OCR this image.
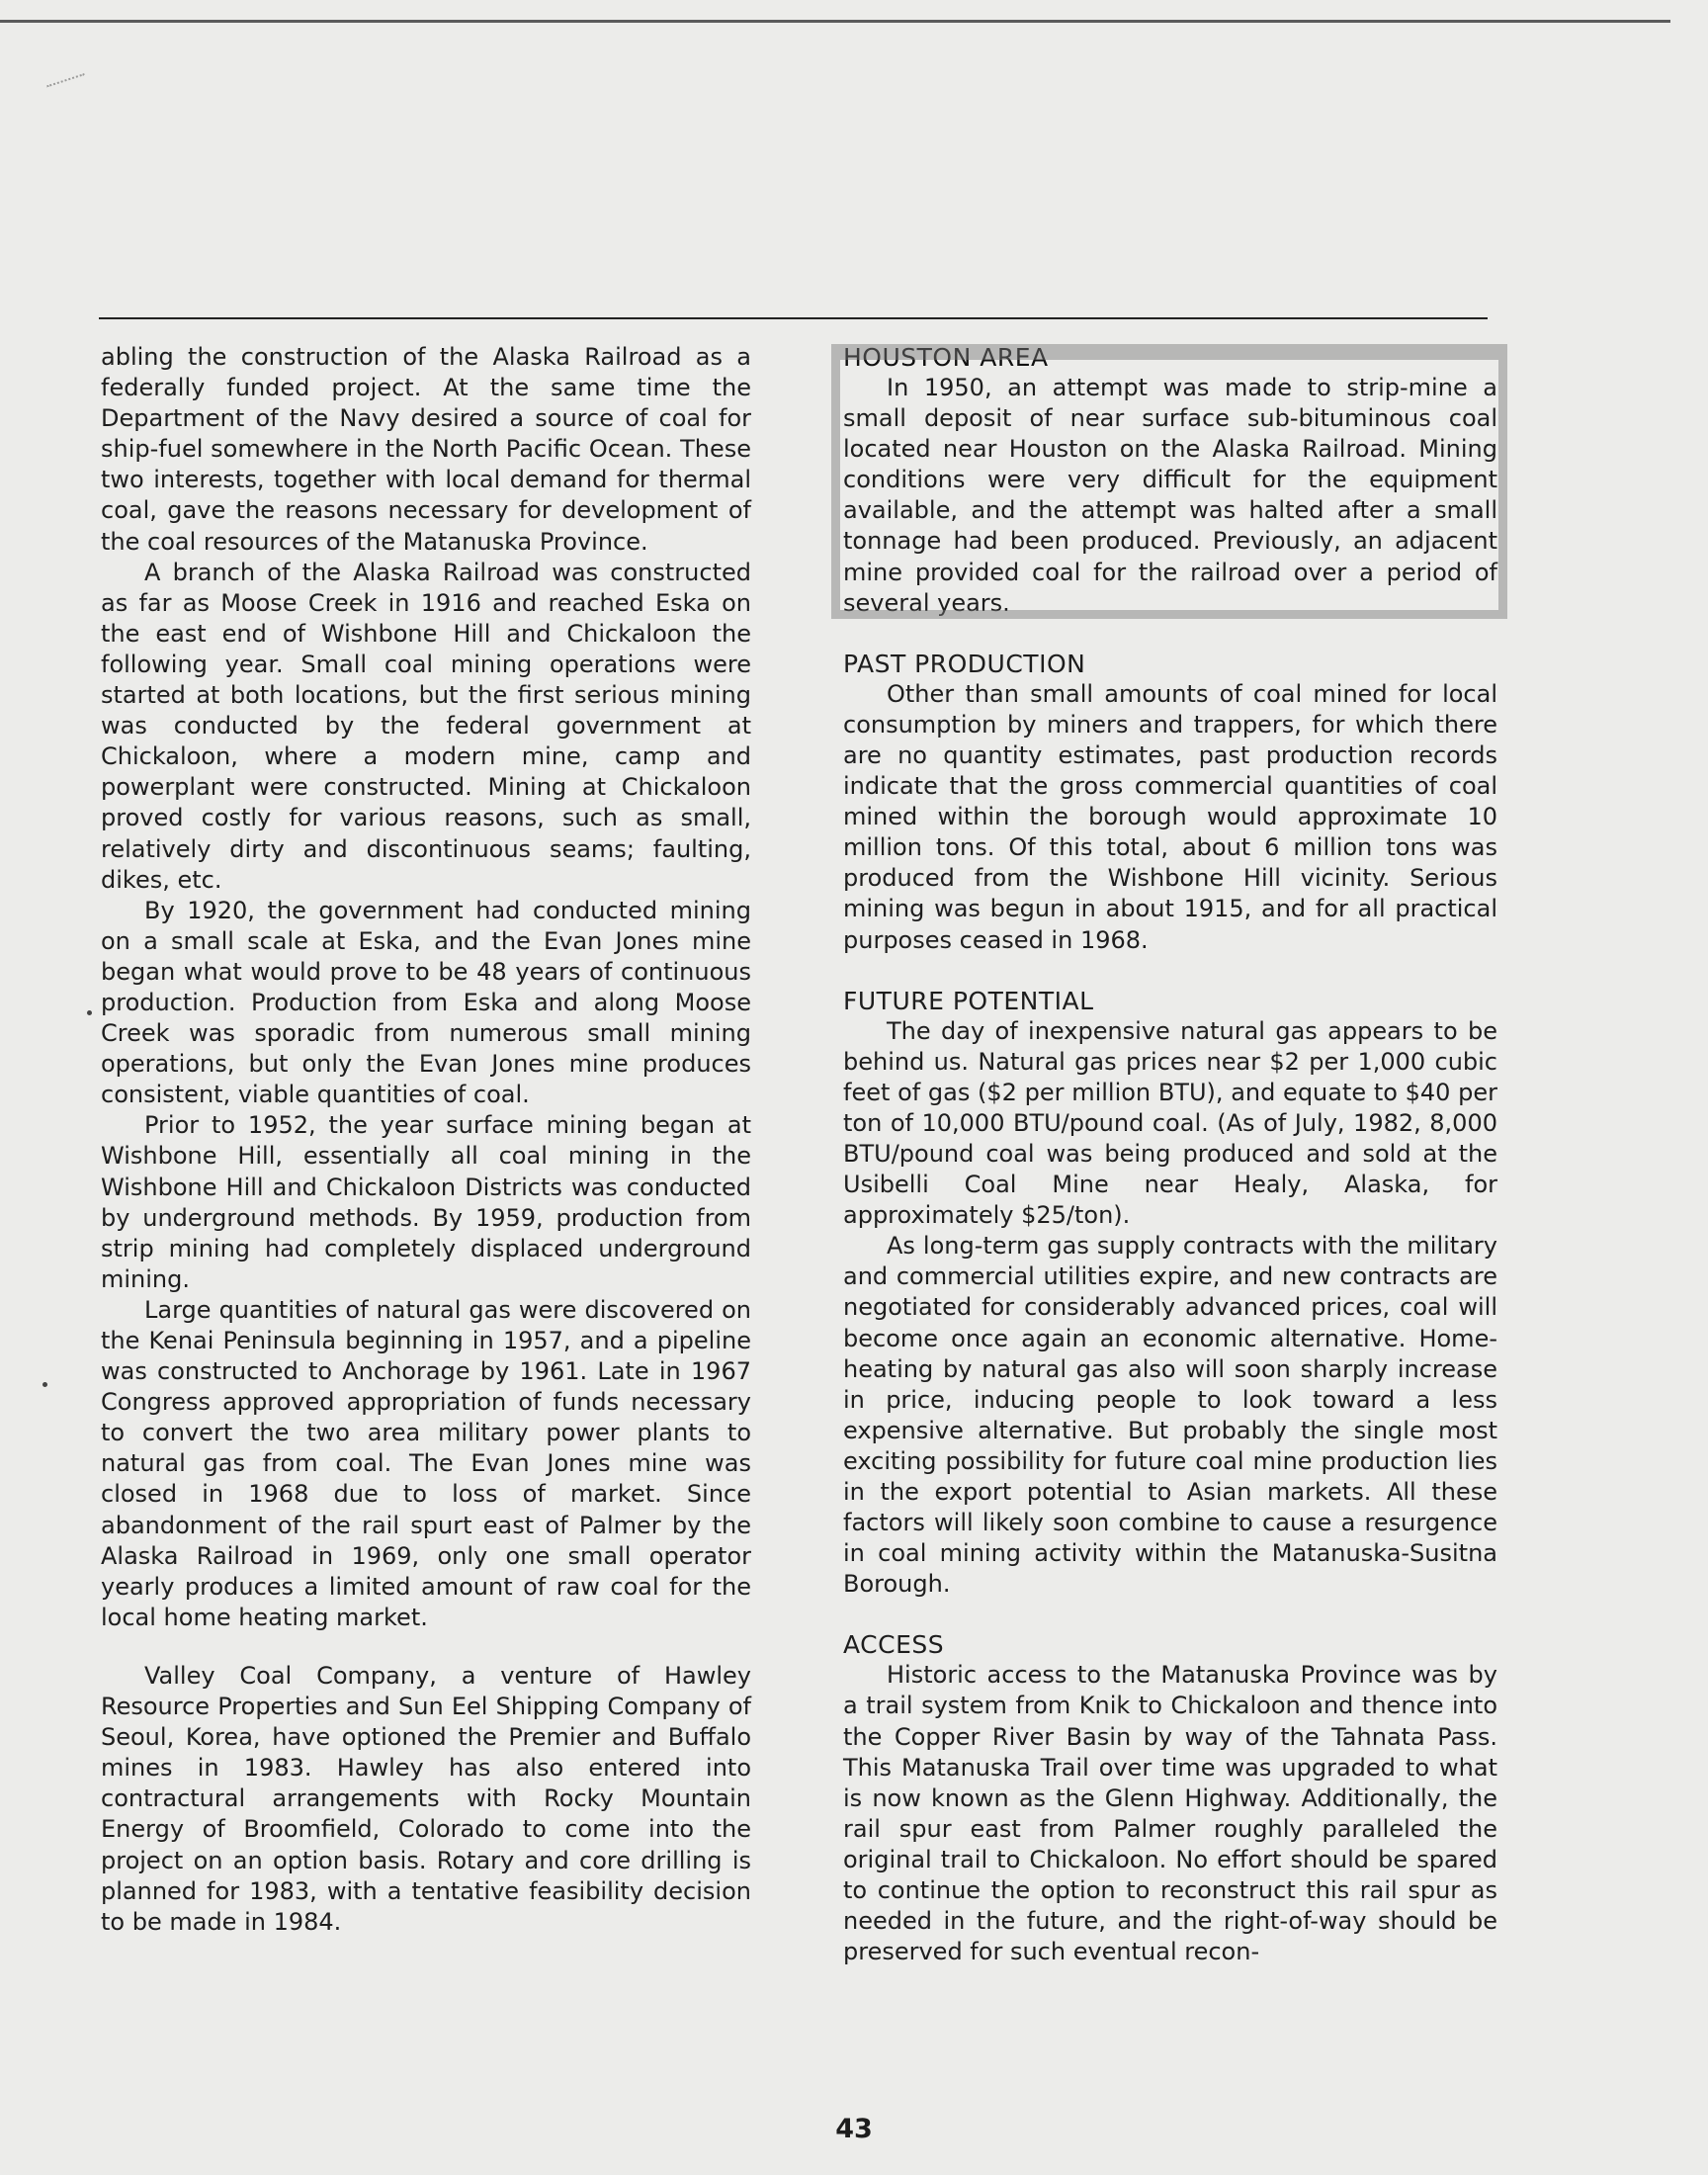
abling the construction of the Alaska Railroad as a federally funded project. At the same time the Department of the Navy desired a source of coal for ship-fuel somewhere in the North Pacific Ocean. These two interests, together with local demand for thermal coal, gave the reasons necessary for development of the coal resources of the Matanuska Province.

A branch of the Alaska Railroad was constructed as far as Moose Creek in 1916 and reached Eska on the east end of Wishbone Hill and Chickaloon the following year. Small coal mining operations were started at both locations, but the first serious mining was conducted by the federal government at Chickaloon, where a modern mine, camp and powerplant were constructed. Mining at Chickaloon proved costly for various reasons, such as small, relatively dirty and discontinuous seams; faulting, dikes, etc.

By 1920, the government had conducted mining on a small scale at Eska, and the Evan Jones mine began what would prove to be 48 years of continuous production. Production from Eska and along Moose Creek was sporadic from numerous small mining operations, but only the Evan Jones mine produces consistent, viable quantities of coal.

Prior to 1952, the year surface mining began at Wishbone Hill, essentially all coal mining in the Wishbone Hill and Chickaloon Districts was conducted by underground methods. By 1959, production from strip mining had completely displaced underground mining.

Large quantities of natural gas were discovered on the Kenai Peninsula beginning in 1957, and a pipeline was constructed to Anchorage by 1961. Late in 1967 Congress approved appropriation of funds necessary to convert the two area military power plants to natural gas from coal. The Evan Jones mine was closed in 1968 due to loss of market. Since abandonment of the rail spurt east of Palmer by the Alaska Railroad in 1969, only one small operator yearly produces a limited amount of raw coal for the local home heating market.

Valley Coal Company, a venture of Hawley Resource Properties and Sun Eel Shipping Company of Seoul, Korea, have optioned the Premier and Buffalo mines in 1983. Hawley has also entered into contractural arrangements with Rocky Mountain Energy of Broomfield, Colorado to come into the project on an option basis. Rotary and core drilling is planned for 1983, with a tentative feasibility decision to be made in 1984.

HOUSTON AREA

In 1950, an attempt was made to strip-mine a small deposit of near surface sub-bituminous coal located near Houston on the Alaska Railroad. Mining conditions were very difficult for the equipment available, and the attempt was halted after a small tonnage had been produced. Previously, an adjacent mine provided coal for the railroad over a period of several years.

PAST PRODUCTION

Other than small amounts of coal mined for local consumption by miners and trappers, for which there are no quantity estimates, past production records indicate that the gross commercial quantities of coal mined within the borough would approximate 10 million tons. Of this total, about 6 million tons was produced from the Wishbone Hill vicinity. Serious mining was begun in about 1915, and for all practical purposes ceased in 1968.

FUTURE POTENTIAL

The day of inexpensive natural gas appears to be behind us. Natural gas prices near $2 per 1,000 cubic feet of gas ($2 per million BTU), and equate to $40 per ton of 10,000 BTU/pound coal. (As of July, 1982, 8,000 BTU/pound coal was being produced and sold at the Usibelli Coal Mine near Healy, Alaska, for approximately $25/ton).

As long-term gas supply contracts with the military and commercial utilities expire, and new contracts are negotiated for considerably advanced prices, coal will become once again an economic alternative. Home-heating by natural gas also will soon sharply increase in price, inducing people to look toward a less expensive alternative. But probably the single most exciting possibility for future coal mine production lies in the export potential to Asian markets. All these factors will likely soon combine to cause a resurgence in coal mining activity within the Matanuska-Susitna Borough.

ACCESS

Historic access to the Matanuska Province was by a trail system from Knik to Chickaloon and thence into the Copper River Basin by way of the Tahnata Pass. This Matanuska Trail over time was upgraded to what is now known as the Glenn Highway. Additionally, the rail spur east from Palmer roughly paralleled the original trail to Chickaloon. No effort should be spared to continue the option to reconstruct this rail spur as needed in the future, and the right-of-way should be preserved for such eventual recon-

43
